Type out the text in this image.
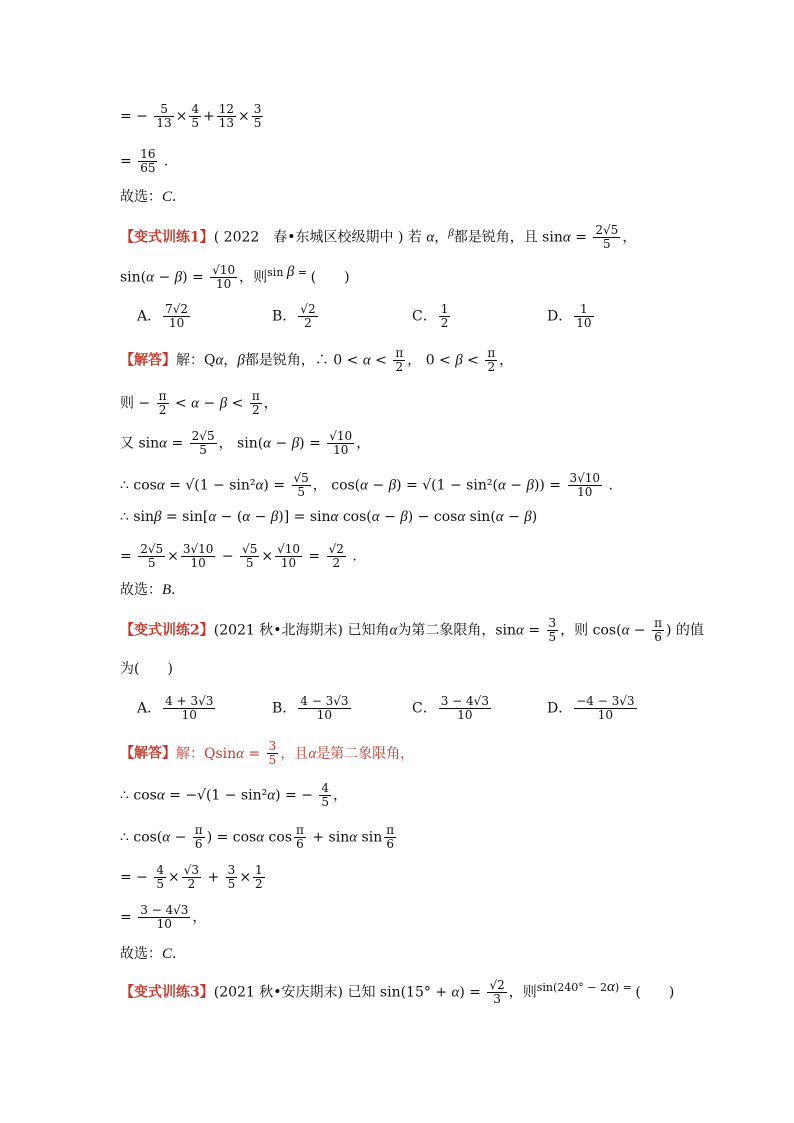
= − $\frac{5}{13} \times \frac{4}{5} + \frac{12}{13} \times \frac{3}{5}$
= $\frac{16}{65}$ .
故选：C．
【变式训练1】( 2022　春•东城区校级期中 ) 若 α，$^\beta$都是锐角，且 $\sin\alpha = \frac{2√5}{5}$ ，
$\sin(\alpha - \beta) = \frac{√10}{10}$ ，则$^{sin \beta =}$ (　　)
A． $\frac{7√2}{10}$	B． $\frac{√2}{2}$	C． $\frac{1}{2}$	D． $\frac{1}{10}$
【解答】解：Qα，β都是锐角，∴ $0 < \alpha < \frac{\pi}{2}$ ， $0 < \beta < \frac{\pi}{2}$ ，
则 − $\frac{\pi}{2} < \alpha - \beta < \frac{\pi}{2}$ ，
又 $\sin\alpha = \frac{2√5}{5}$ ， $\sin(\alpha - \beta) = \frac{√10}{10}$ ，
∴ $\cos\alpha = √(1 - \sin^2\alpha) = \frac{√5}{5}$ ， $\cos(\alpha - \beta) = √(1 - \sin^2(\alpha - \beta)) = \frac{3√10}{10}$ .
∴ sinβ = sin[α − (α − β)] = sinα cos(α − β) − cosα sin(α − β)
= $\frac{2√5}{5} \times \frac{3√10}{10} - \frac{√5}{5} \times \frac{√10}{10} = \frac{√2}{2}$ .
故选：B．
【变式训练2】(2021 秋•北海期末) 已知角α为第二象限角，$\sin\alpha = \frac{3}{5}$ ，则 $\cos(\alpha - \frac{\pi}{6}$ ) 的值
为(　　)
A． $\frac{4 + 3√3}{10}$	B． $\frac{4 - 3√3}{10}$	C． $\frac{3 - 4√3}{10}$	D． $\frac{-4 - 3√3}{10}$
【解答】解：$Qsin\alpha = \frac{3}{5}$ ，且α是第二象限角，
∴ cosα = −√(1 − sin²α) = − $\frac{4}{5}$ ，
∴ $\cos(\alpha - \frac{\pi}{6}$ ) = cosα $\cos \frac{\pi}{6} + \sin\alpha$ $\sin \frac{\pi}{6}$
= − $\frac{4}{5} \times \frac{√3}{2} + \frac{3}{5} \times \frac{1}{2}$
= $\frac{3 - 4√3}{10}$ ，
故选：C．
【变式训练3】(2021 秋•安庆期末) 已知 $\sin(15^\circ + \alpha) = \frac{√2}{3}$ ，则$^{sin(240^\circ - 2\alpha) =}$ (　　)
